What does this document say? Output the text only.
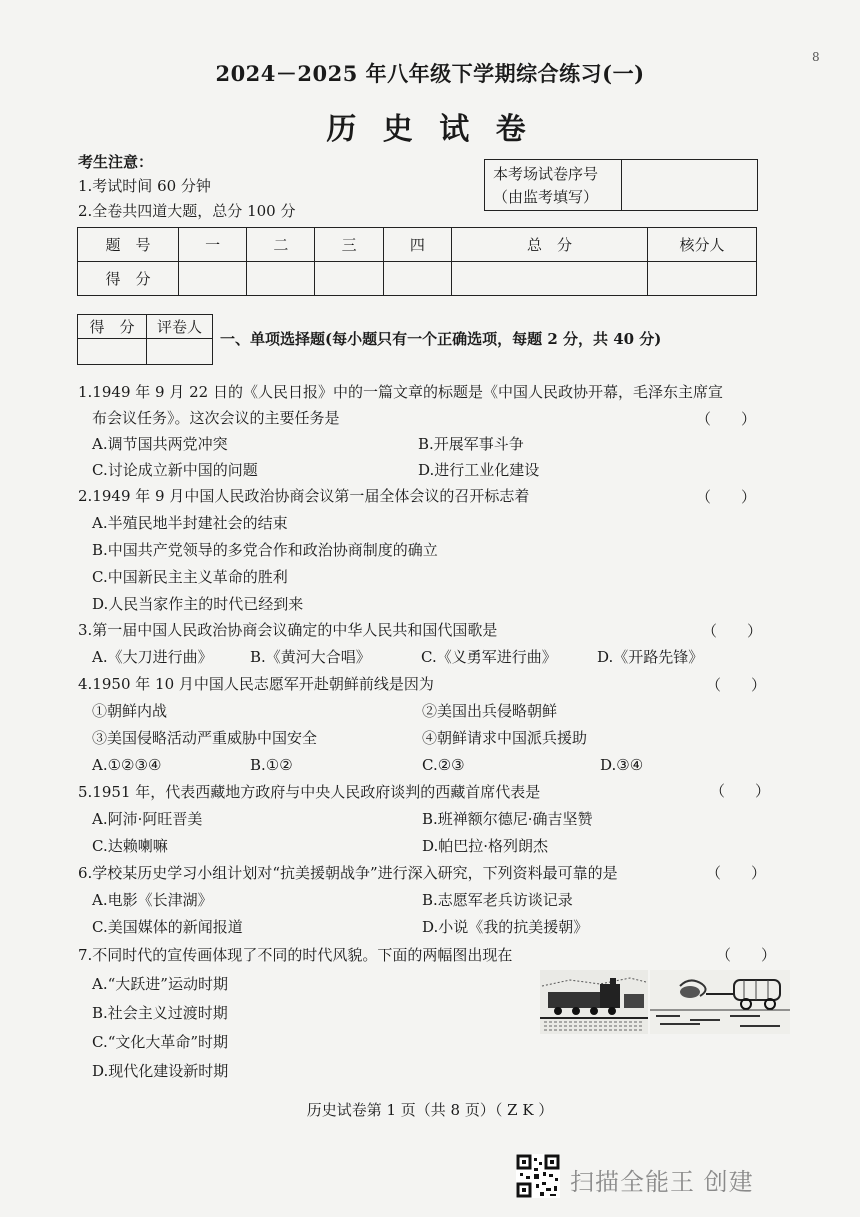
8
2024－2025 年八年级下学期综合练习(一)
历 史 试 卷
考生注意：
1.考试时间 60 分钟
2.全卷共四道大题，总分 100 分
本考场试卷序号
（由监考填写）
题　号	一	二	三	四	总　分	核分人
得　分						
得　分	评卷人

一、单项选择题(每小题只有一个正确选项，每题 2 分，共 40 分)
1.1949 年 9 月 22 日的《人民日报》中的一篇文章的标题是《中国人民政协开幕，毛泽东主席宣
布会议任务》。这次会议的主要任务是	（　　）
A.调节国共两党冲突	B.开展军事斗争
C.讨论成立新中国的问题	D.进行工业化建设
2.1949 年 9 月中国人民政治协商会议第一届全体会议的召开标志着	（　　）
A.半殖民地半封建社会的结束
B.中国共产党领导的多党合作和政治协商制度的确立
C.中国新民主主义革命的胜利
D.人民当家作主的时代已经到来
3.第一届中国人民政治协商会议确定的中华人民共和国代国歌是	（　　）
A.《大刀进行曲》 B.《黄河大合唱》	C.《义勇军进行曲》	D.《开路先锋》
4.1950 年 10 月中国人民志愿军开赴朝鲜前线是因为	（　　）
①朝鲜内战	②美国出兵侵略朝鲜
③美国侵略活动严重威胁中国安全	④朝鲜请求中国派兵援助
A.①②③④	B.①②	C.②③	D.③④
5.1951 年，代表西藏地方政府与中央人民政府谈判的西藏首席代表是	（　　）
A.阿沛·阿旺晋美	B.班禅额尔德尼·确吉坚赞
C.达赖喇嘛	D.帕巴拉·格列朗杰
6.学校某历史学习小组计划对“抗美援朝战争”进行深入研究，下列资料最可靠的是	（　　）
A.电影《长津湖》	B.志愿军老兵访谈记录
C.美国媒体的新闻报道	D.小说《我的抗美援朝》
7.不同时代的宣传画体现了不同的时代风貌。下面的两幅图出现在	（　　）
A.“大跃进”运动时期
B.社会主义过渡时期
C.“文化大革命”时期
D.现代化建设新时期
历史试卷第 1 页（共 8 页）（ Z K ）
扫描全能王 创建
